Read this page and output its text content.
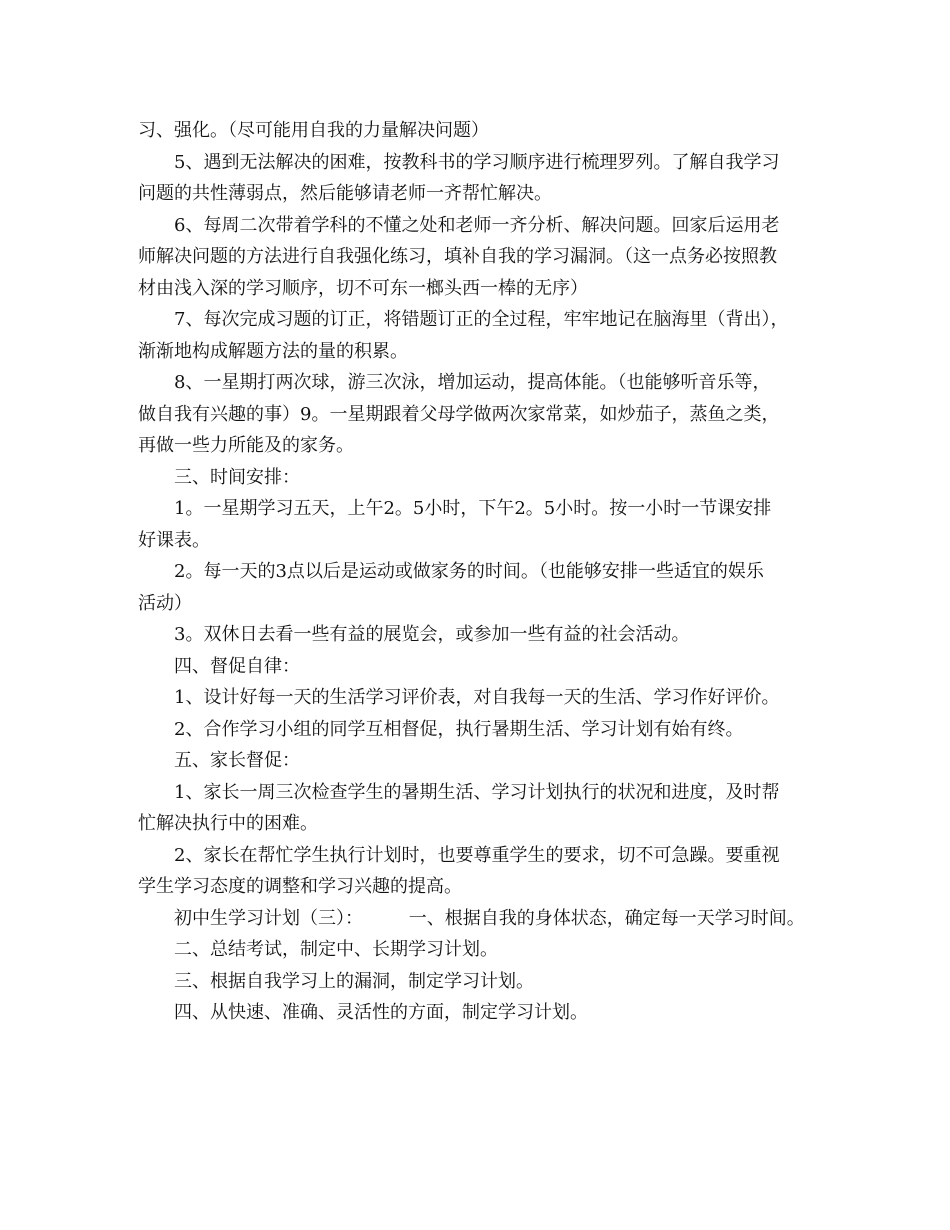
习、强化。（尽可能用自我的力量解决问题）
5、遇到无法解决的困难，按教科书的学习顺序进行梳理罗列。了解自我学习
问题的共性薄弱点，然后能够请老师一齐帮忙解决。
6、每周二次带着学科的不懂之处和老师一齐分析、解决问题。回家后运用老
师解决问题的方法进行自我强化练习，填补自我的学习漏洞。（这一点务必按照教
材由浅入深的学习顺序，切不可东一榔头西一棒的无序）
7、每次完成习题的订正，将错题订正的全过程，牢牢地记在脑海里（背出），
渐渐地构成解题方法的量的积累。
8、一星期打两次球，游三次泳，增加运动，提高体能。（也能够听音乐等，
做自我有兴趣的事）9。一星期跟着父母学做两次家常菜，如炒茄子，蒸鱼之类，
再做一些力所能及的家务。
三、时间安排：
1。一星期学习五天，上午2。5小时，下午2。5小时。按一小时一节课安排
好课表。
2。每一天的3点以后是运动或做家务的时间。（也能够安排一些适宜的娱乐
活动）
3。双休日去看一些有益的展览会，或参加一些有益的社会活动。
四、督促自律：
1、设计好每一天的生活学习评价表，对自我每一天的生活、学习作好评价。
2、合作学习小组的同学互相督促，执行暑期生活、学习计划有始有终。
五、家长督促：
1、家长一周三次检查学生的暑期生活、学习计划执行的状况和进度，及时帮
忙解决执行中的困难。
2、家长在帮忙学生执行计划时，也要尊重学生的要求，切不可急躁。要重视
学生学习态度的调整和学习兴趣的提高。
初中生学习计划（三）：        一、根据自我的身体状态，确定每一天学习时间。
二、总结考试，制定中、长期学习计划。
三、根据自我学习上的漏洞，制定学习计划。
四、从快速、准确、灵活性的方面，制定学习计划。
